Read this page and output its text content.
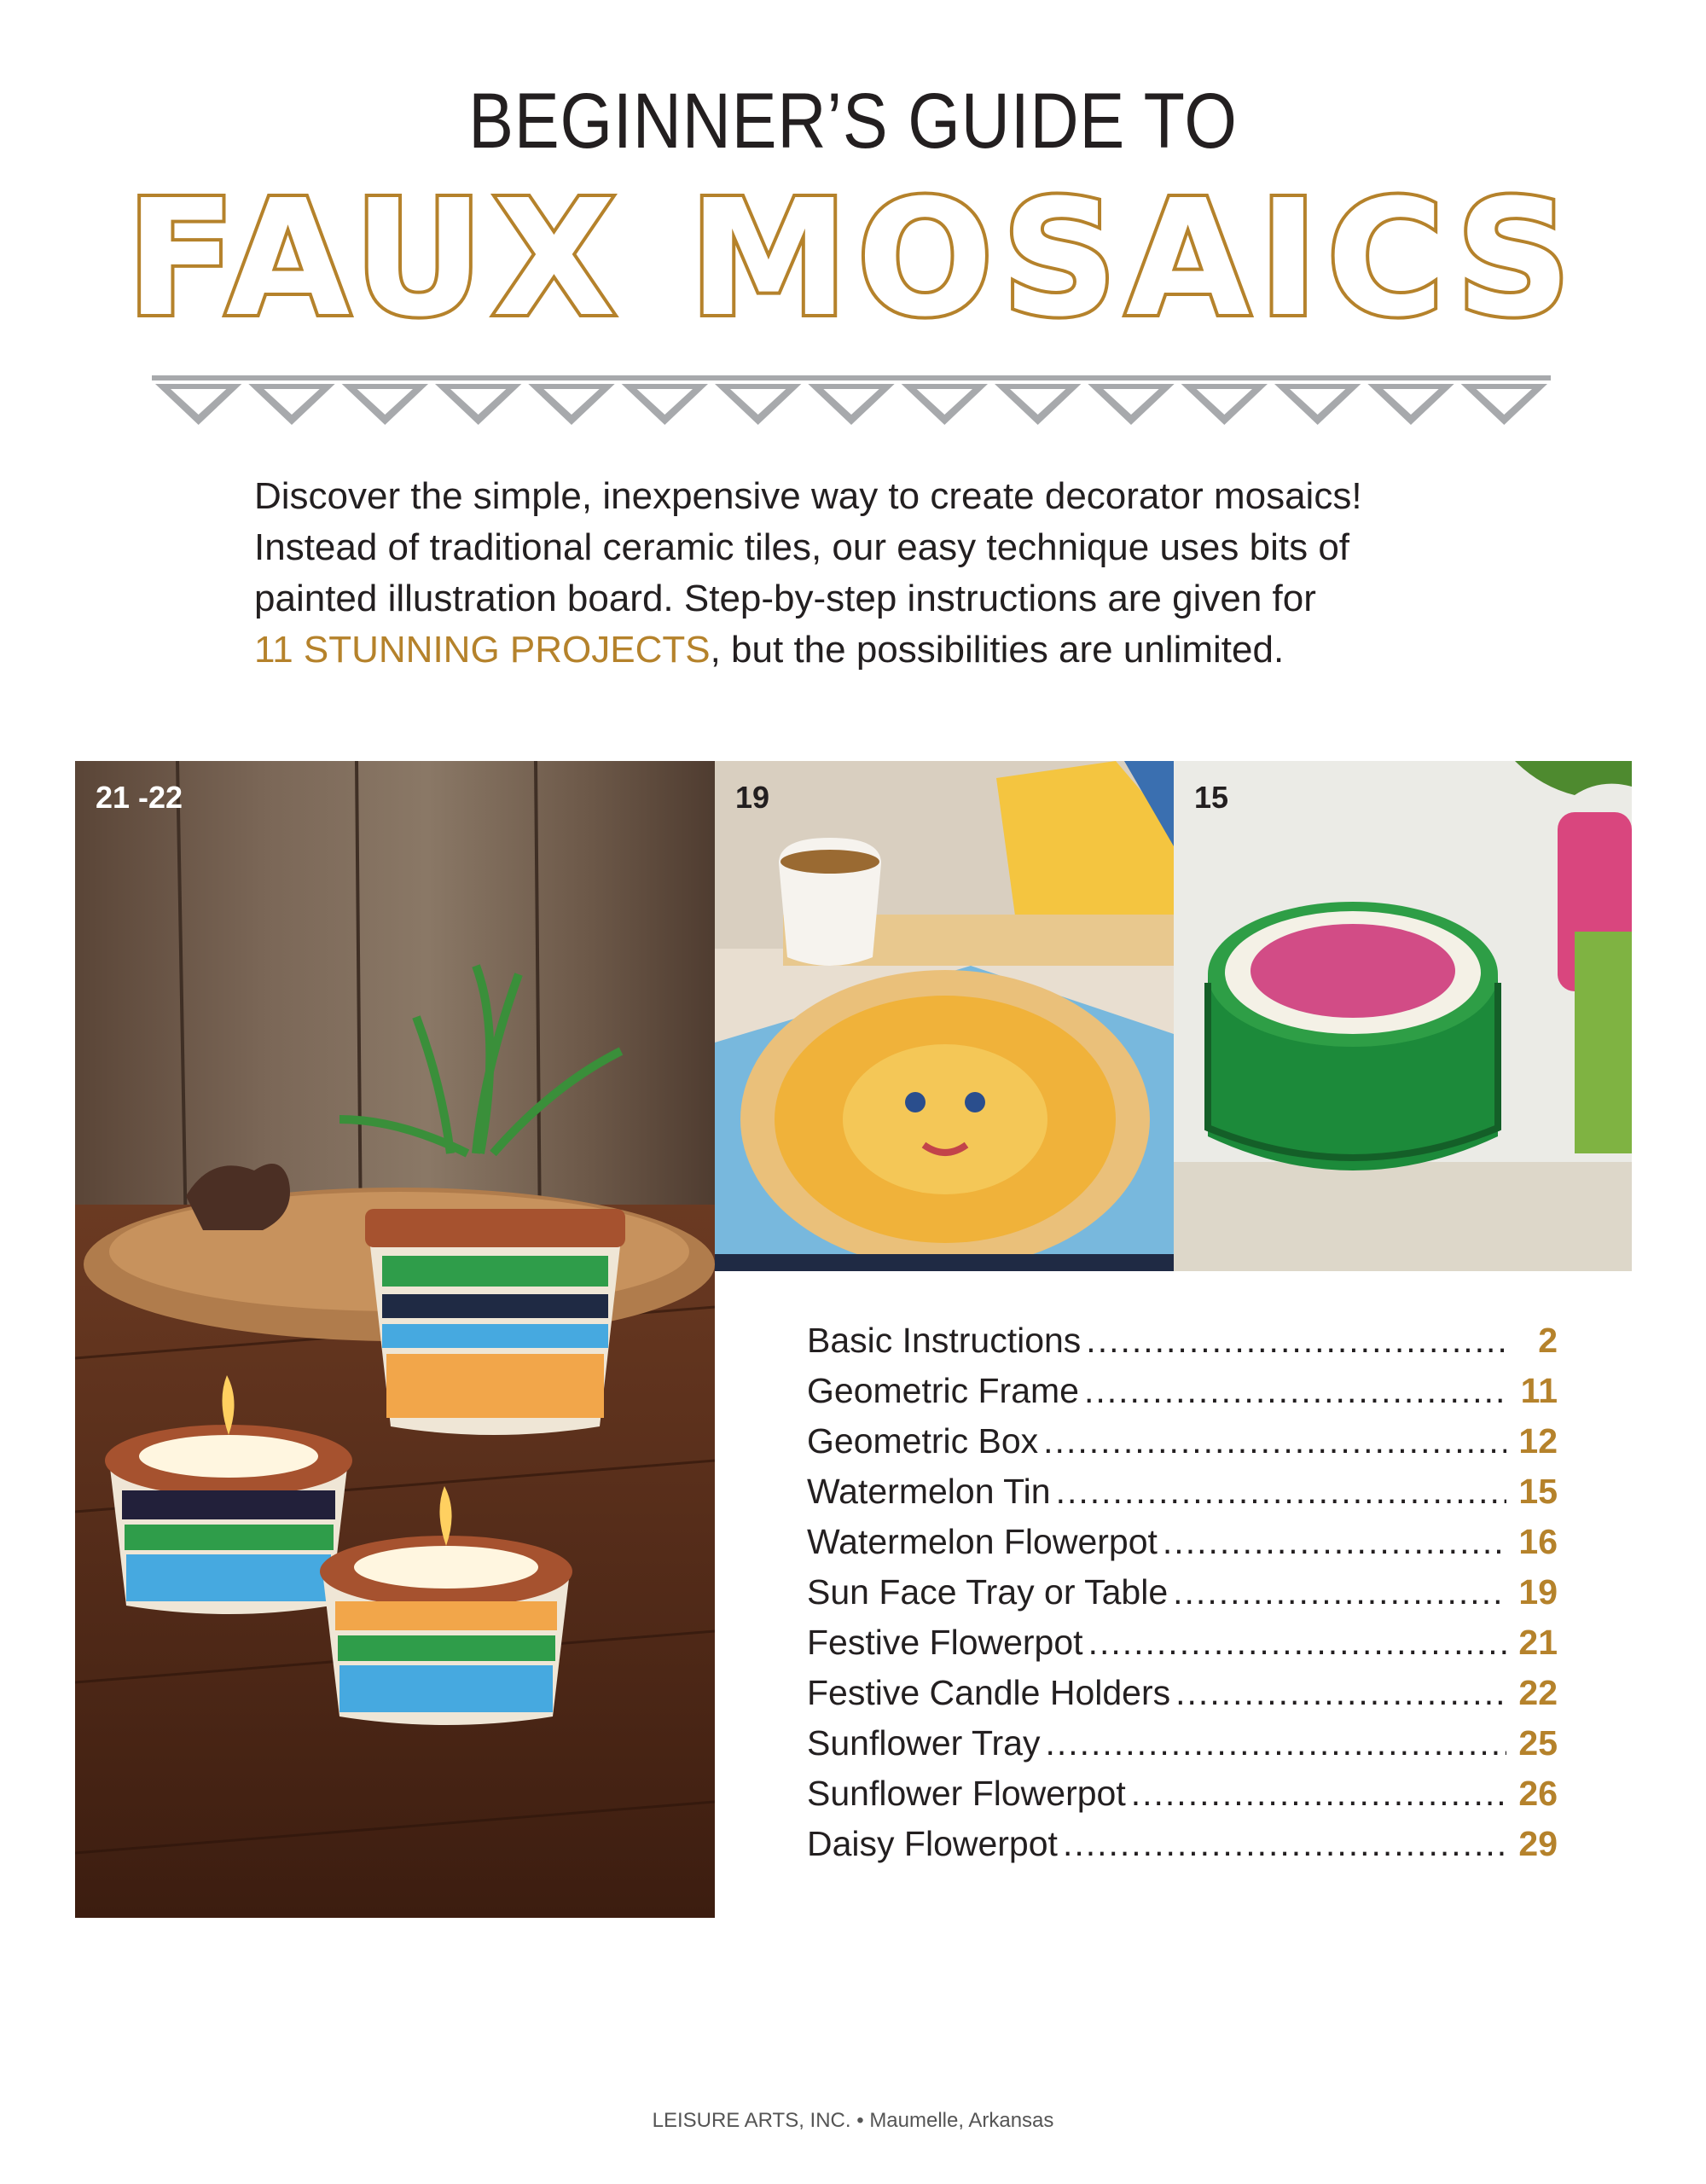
BEGINNER’S GUIDE TO
FAUX MOSAICS
Discover the simple, inexpensive way to create decorator mosaics!
Instead of traditional ceramic tiles, our easy technique uses bits of
painted illustration board. Step-by-step instructions are given for
11 STUNNING PROJECTS, but the possibilities are unlimited.
21 -22	19	15
Basic Instructions .....	2
Geometric Frame .....	11
Geometric Box .....	12
Watermelon Tin .....	15
Watermelon Flowerpot .....	16
Sun Face Tray or Table .....	19
Festive Flowerpot .....	21
Festive Candle Holders .....	22
Sunflower Tray .....	25
Sunflower Flowerpot .....	26
Daisy Flowerpot .....	29
LEISURE ARTS, INC. • Maumelle, Arkansas
